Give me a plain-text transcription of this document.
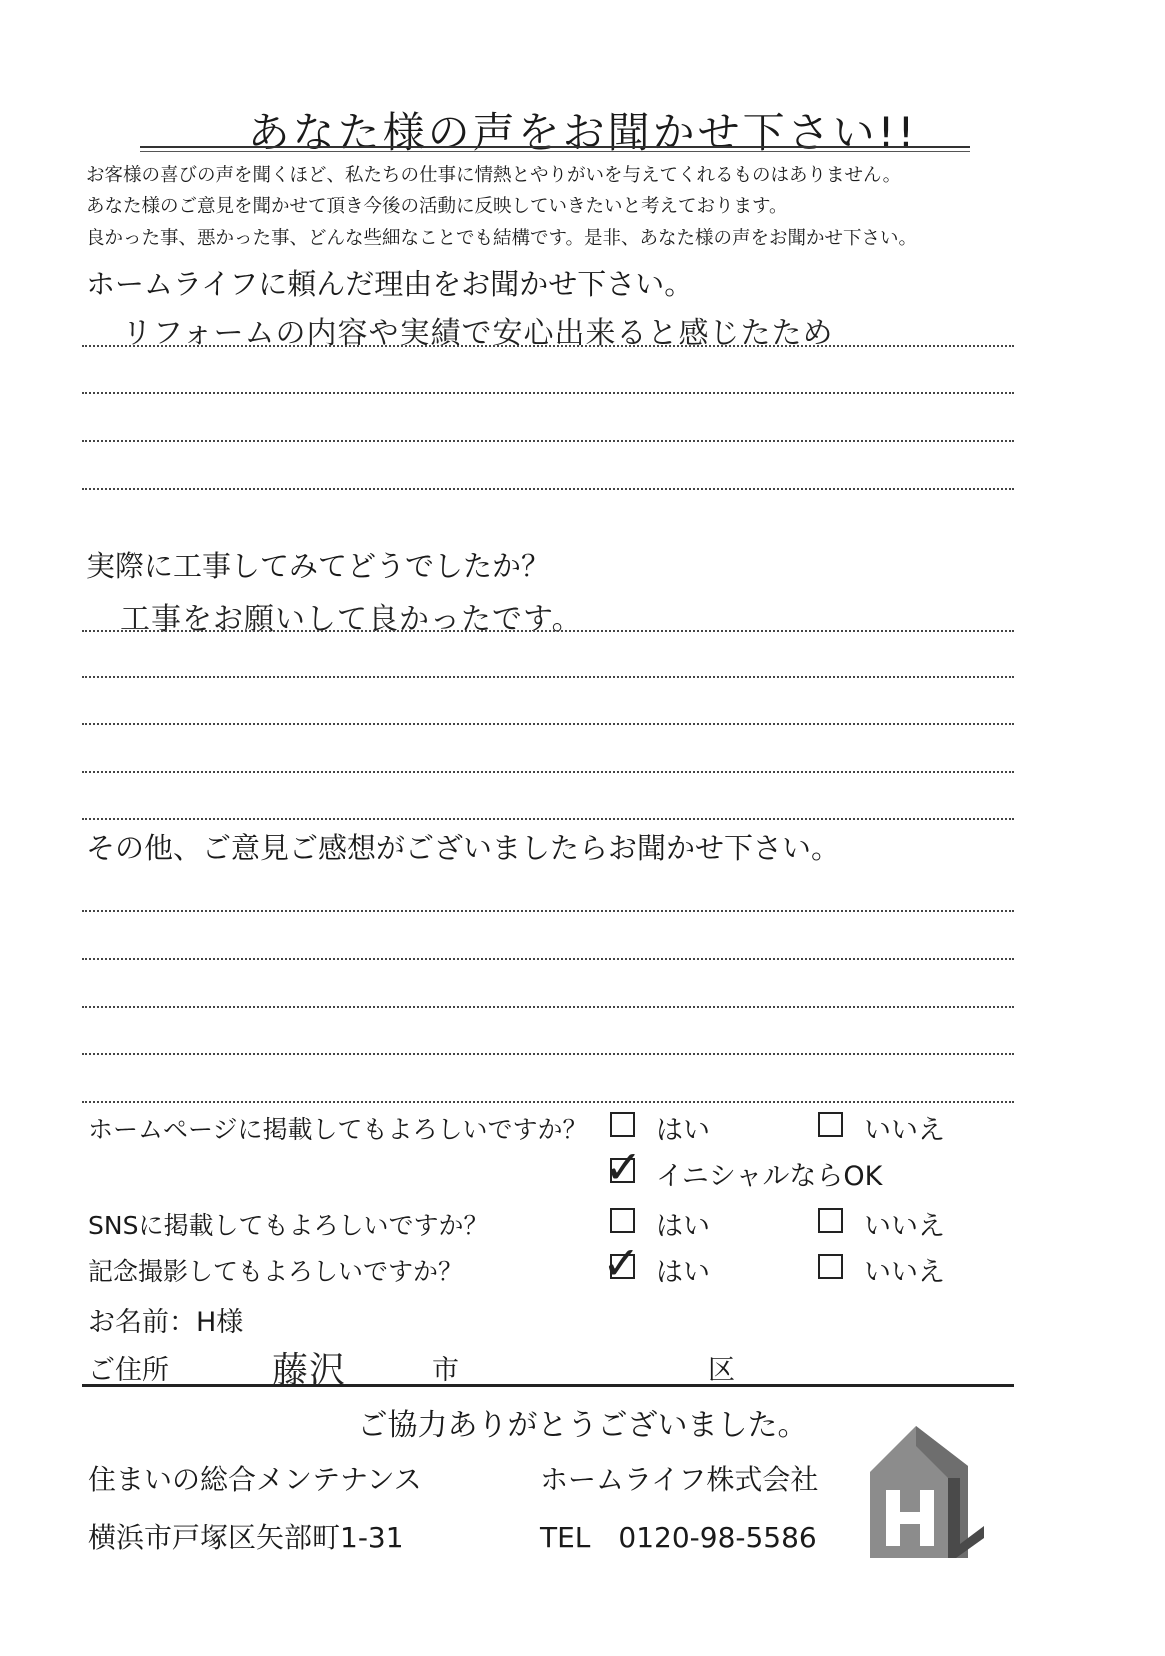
あなた様の声をお聞かせ下さい!!
お客様の喜びの声を聞くほど、私たちの仕事に情熱とやりがいを与えてくれるものはありません。
あなた様のご意見を聞かせて頂き今後の活動に反映していきたいと考えております。
良かった事、悪かった事、どんな些細なことでも結構です。是非、あなた様の声をお聞かせ下さい。
ホームライフに頼んだ理由をお聞かせ下さい。
リフォームの内容や実績で安心出来ると感じたため
実際に工事してみてどうでしたか？
工事をお願いして良かったです。
その他、ご意見ご感想がございましたらお聞かせ下さい。
ホームページに掲載してもよろしいですか？	はい	いいえ
✓ イニシャルならOK
SNSに掲載してもよろしいですか？	はい	いいえ
記念撮影してもよろしいですか？	✓ はい	いいえ
お名前：H様
ご住所	藤沢	市	区
ご協力ありがとうございました。
住まいの総合メンテナンス	ホームライフ株式会社
横浜市戸塚区矢部町1-31	TEL　0120-98-5586
